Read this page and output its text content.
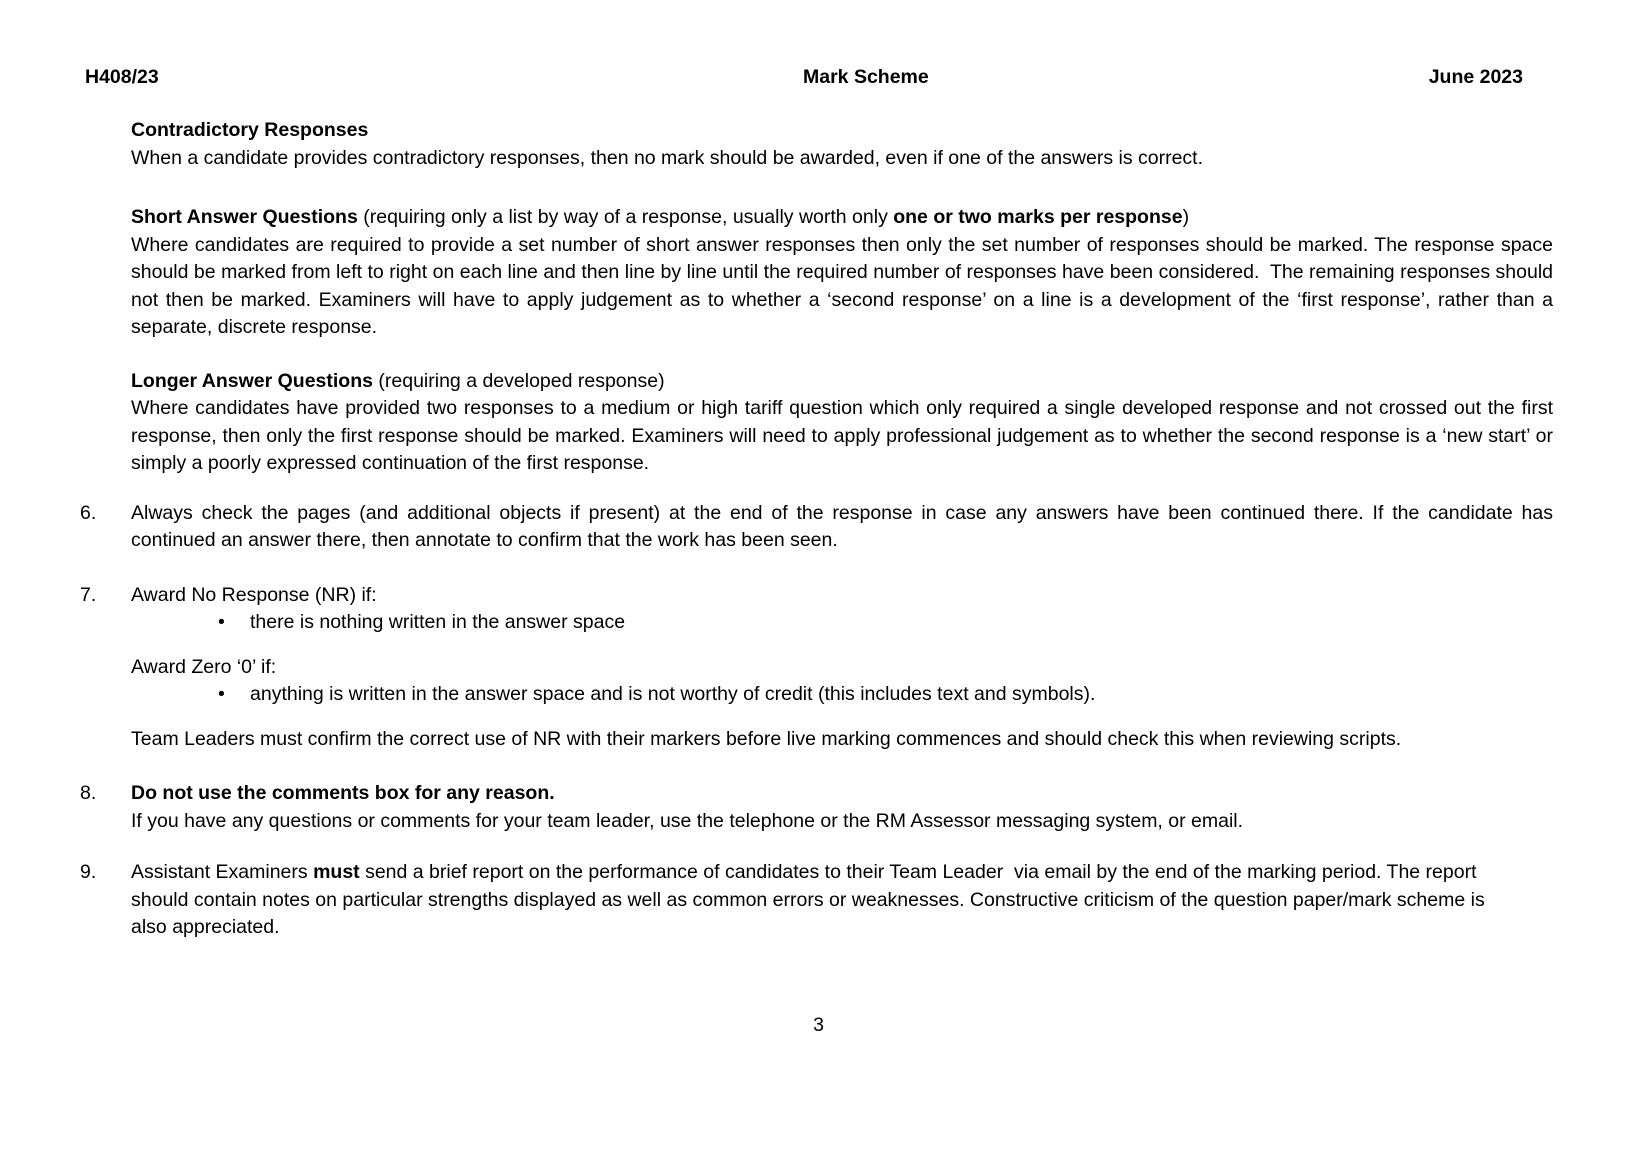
H408/23	Mark Scheme	June 2023

Contradictory Responses

When a candidate provides contradictory responses, then no mark should be awarded, even if one of the answers is correct.

Short Answer Questions (requiring only a list by way of a response, usually worth only one or two marks per response)

Where candidates are required to provide a set number of short answer responses then only the set number of responses should be marked. The response space should be marked from left to right on each line and then line by line until the required number of responses have been considered.  The remaining responses should not then be marked. Examiners will have to apply judgement as to whether a ‘second response’ on a line is a development of the ‘first response’, rather than a separate, discrete response.

Longer Answer Questions (requiring a developed response)

Where candidates have provided two responses to a medium or high tariff question which only required a single developed response and not crossed out the first response, then only the first response should be marked. Examiners will need to apply professional judgement as to whether the second response is a ‘new start’ or simply a poorly expressed continuation of the first response.

6. Always check the pages (and additional objects if present) at the end of the response in case any answers have been continued there. If the candidate has continued an answer there, then annotate to confirm that the work has been seen.

7. Award No Response (NR) if:

•	there is nothing written in the answer space

Award Zero ‘0’ if:

•	anything is written in the answer space and is not worthy of credit (this includes text and symbols).

Team Leaders must confirm the correct use of NR with their markers before live marking commences and should check this when reviewing scripts.

8. Do not use the comments box for any reason.

If you have any questions or comments for your team leader, use the telephone or the RM Assessor messaging system, or email.

9. Assistant Examiners must send a brief report on the performance of candidates to their Team Leader  via email by the end of the marking period. The report should contain notes on particular strengths displayed as well as common errors or weaknesses. Constructive criticism of the question paper/mark scheme is also appreciated.

3
